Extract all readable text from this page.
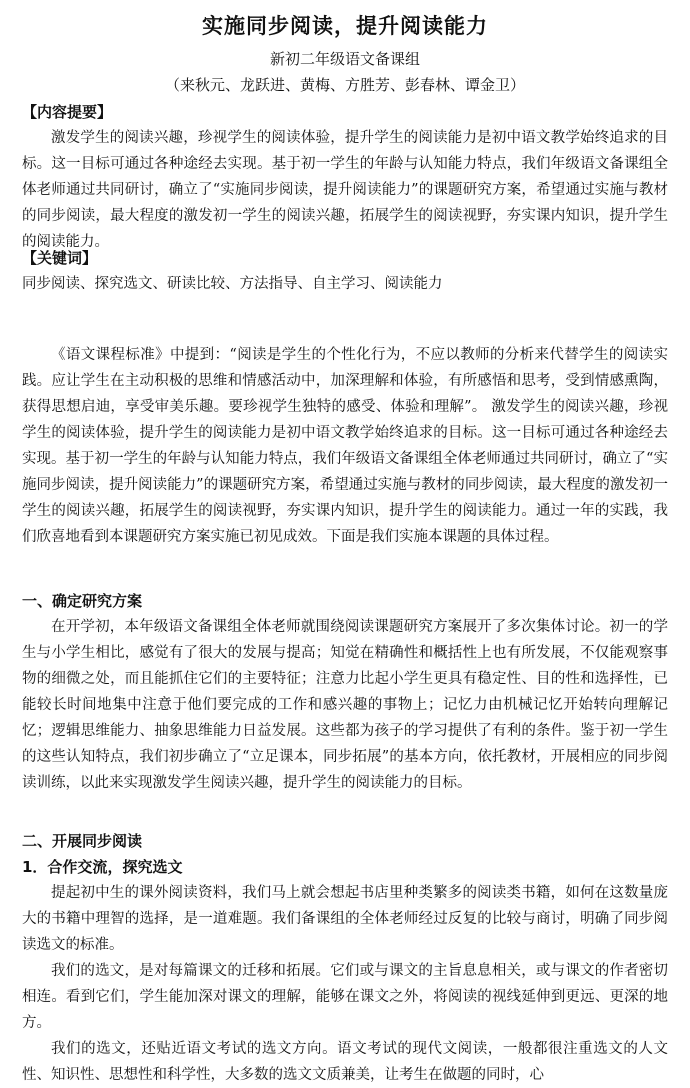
实施同步阅读，提升阅读能力
新初二年级语文备课组
（来秋元、龙跃进、黄梅、方胜芳、彭春林、谭金卫）
【内容提要】

激发学生的阅读兴趣，珍视学生的阅读体验，提升学生的阅读能力是初中语文教学始终追求的目标。这一目标可通过各种途经去实现。基于初一学生的年龄与认知能力特点，我们年级语文备课组全体老师通过共同研讨，确立了“实施同步阅读，提升阅读能力”的课题研究方案，希望通过实施与教材的同步阅读，最大程度的激发初一学生的阅读兴趣，拓展学生的阅读视野，夯实课内知识，提升学生的阅读能力。

【关键词】

同步阅读、探究选文、研读比较、方法指导、自主学习、阅读能力

《语文课程标准》中提到：“阅读是学生的个性化行为，不应以教师的分析来代替学生的阅读实践。应让学生在主动积极的思维和情感活动中，加深理解和体验，有所感悟和思考，受到情感熏陶，获得思想启迪，享受审美乐趣。要珍视学生独特的感受、体验和理解”。 激发学生的阅读兴趣，珍视学生的阅读体验，提升学生的阅读能力是初中语文教学始终追求的目标。这一目标可通过各种途经去实现。基于初一学生的年龄与认知能力特点，我们年级语文备课组全体老师通过共同研讨，确立了“实施同步阅读，提升阅读能力”的课题研究方案，希望通过实施与教材的同步阅读，最大程度的激发初一学生的阅读兴趣，拓展学生的阅读视野，夯实课内知识，提升学生的阅读能力。通过一年的实践，我们欣喜地看到本课题研究方案实施已初见成效。下面是我们实施本课题的具体过程。

一、确定研究方案

在开学初，本年级语文备课组全体老师就围绕阅读课题研究方案展开了多次集体讨论。初一的学生与小学生相比，感觉有了很大的发展与提高；知觉在精确性和概括性上也有所发展，不仅能观察事物的细微之处，而且能抓住它们的主要特征；注意力比起小学生更具有稳定性、目的性和选择性，已能较长时间地集中注意于他们要完成的工作和感兴趣的事物上；记忆力由机械记忆开始转向理解记忆；逻辑思维能力、抽象思维能力日益发展。这些都为孩子的学习提供了有利的条件。鉴于初一学生的这些认知特点，我们初步确立了“立足课本，同步拓展”的基本方向，依托教材，开展相应的同步阅读训练，以此来实现激发学生阅读兴趣，提升学生的阅读能力的目标。

二、开展同步阅读
1．合作交流，探究选文

提起初中生的课外阅读资料，我们马上就会想起书店里种类繁多的阅读类书籍，如何在这数量庞大的书籍中理智的选择，是一道难题。我们备课组的全体老师经过反复的比较与商讨，明确了同步阅读选文的标准。

我们的选文，是对每篇课文的迁移和拓展。它们或与课文的主旨息息相关，或与课文的作者密切相连。看到它们，学生能加深对课文的理解，能够在课文之外，将阅读的视线延伸到更远、更深的地方。

我们的选文，还贴近语文考试的选文方向。语文考试的现代文阅读，一般都很注重选文的人文性、知识性、思想性和科学性，大多数的选文文质兼美，让考生在做题的同时，心
